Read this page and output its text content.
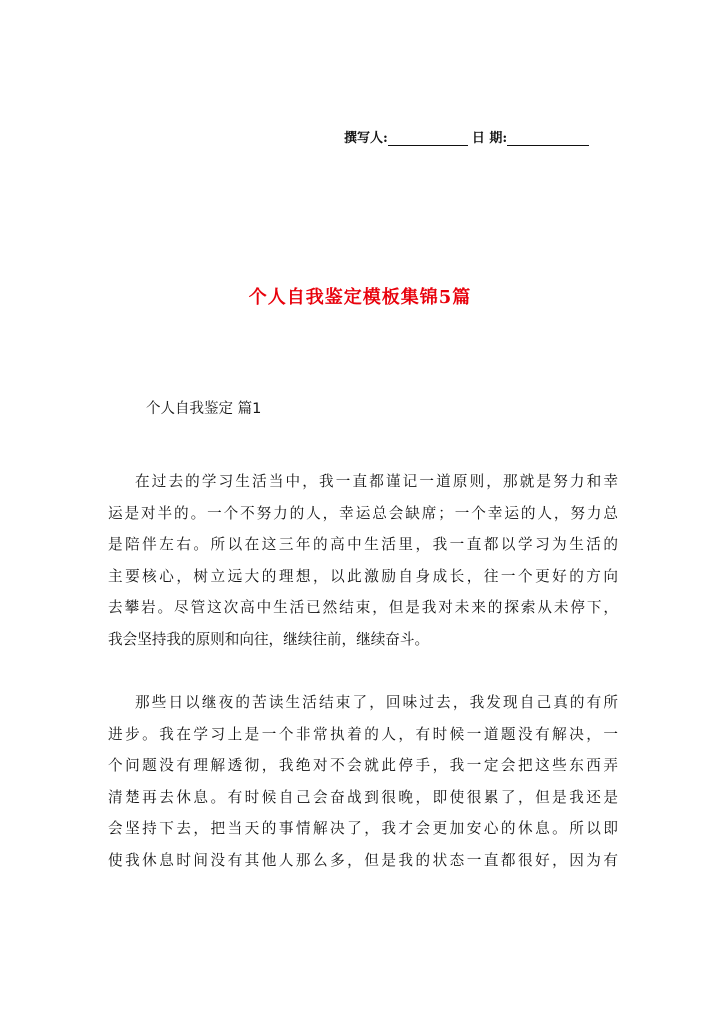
撰写人:	日 期:
个人自我鉴定模板集锦5篇
个人自我鉴定 篇1
在过去的学习生活当中，我一直都谨记一道原则，那就是努力和幸
运是对半的。一个不努力的人，幸运总会缺席；一个幸运的人，努力总
是陪伴左右。所以在这三年的高中生活里，我一直都以学习为生活的
主要核心，树立远大的理想，以此激励自身成长，往一个更好的方向
去攀岩。尽管这次高中生活已然结束，但是我对未来的探索从未停下，
我会坚持我的原则和向往，继续往前，继续奋斗。
那些日以继夜的苦读生活结束了，回味过去，我发现自己真的有所
进步。我在学习上是一个非常执着的人，有时候一道题没有解决，一
个问题没有理解透彻，我绝对不会就此停手，我一定会把这些东西弄
清楚再去休息。有时候自己会奋战到很晚，即使很累了，但是我还是
会坚持下去，把当天的事情解决了，我才会更加安心的休息。所以即
使我休息时间没有其他人那么多，但是我的状态一直都很好，因为有
